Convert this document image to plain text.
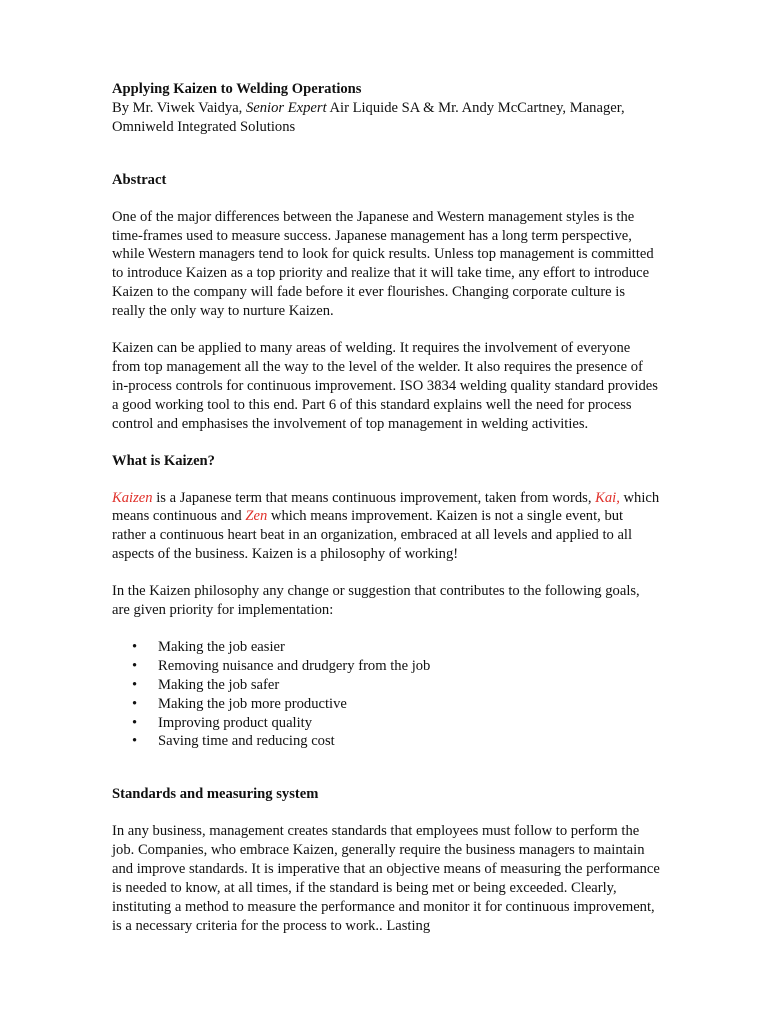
Applying Kaizen to Welding Operations

By Mr. Viwek Vaidya, Senior Expert Air Liquide SA & Mr. Andy McCartney, Manager, Omniweld Integrated Solutions

Abstract

One of the major differences between the Japanese and Western management styles is the time-frames used to measure success. Japanese management has a long term perspective, while Western managers tend to look for quick results. Unless top management is committed to introduce Kaizen as a top priority and realize that it will take time, any effort to introduce Kaizen to the company will fade before it ever flourishes. Changing corporate culture is really the only way to nurture Kaizen.

Kaizen can be applied to many areas of welding. It requires the involvement of everyone from top management all the way to the level of the welder. It also requires the presence of in-process controls for continuous improvement. ISO 3834 welding quality standard provides a good working tool to this end. Part 6 of this standard explains well the need for process control and emphasises the involvement of top management in welding activities.

What is Kaizen?

Kaizen is a Japanese term that means continuous improvement, taken from words, Kai, which means continuous and Zen which means improvement. Kaizen is not a single event, but rather a continuous heart beat in an organization, embraced at all levels and applied to all aspects of the business. Kaizen is a philosophy of working!

In the Kaizen philosophy any change or suggestion that contributes to the following goals, are given priority for implementation:

• Making the job easier
• Removing nuisance and drudgery from the job
• Making the job safer
• Making the job more productive
• Improving product quality
• Saving time and reducing cost

Standards and measuring system

In any business, management creates standards that employees must follow to perform the job. Companies, who embrace Kaizen, generally require the business managers to maintain and improve standards. It is imperative that an objective means of measuring the performance is needed to know, at all times, if the standard is being met or being exceeded. Clearly, instituting a method to measure the performance and monitor it for continuous improvement, is a necessary criteria for the process to work.. Lasting
